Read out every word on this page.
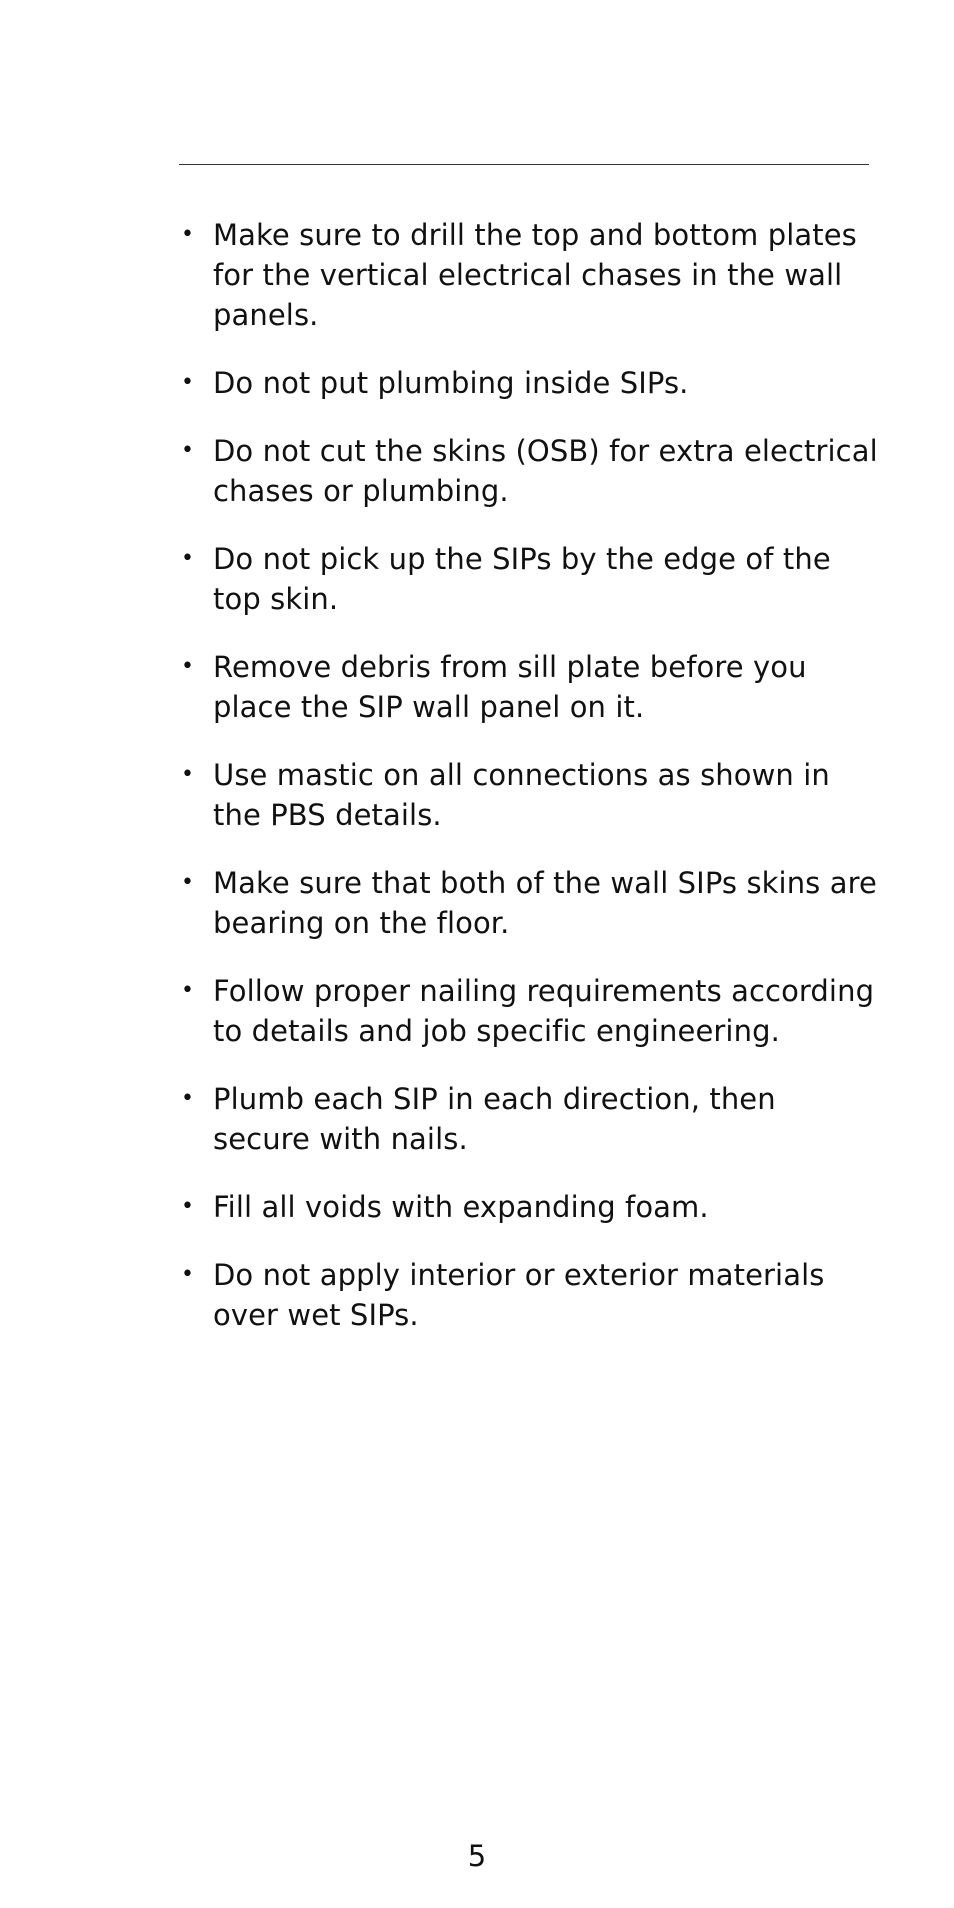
• Make sure to drill the top and bottom plates for the vertical electrical chases in the wall panels.
• Do not put plumbing inside SIPs.
• Do not cut the skins (OSB) for extra electrical chases or plumbing.
• Do not pick up the SIPs by the edge of the top skin.
• Remove debris from sill plate before you place the SIP wall panel on it.
• Use mastic on all connections as shown in the PBS details.
• Make sure that both of the wall SIPs skins are bearing on the floor.
• Follow proper nailing requirements according to details and job specific engineering.
• Plumb each SIP in each direction, then secure with nails.
• Fill all voids with expanding foam.
• Do not apply interior or exterior materials over wet SIPs.
5
